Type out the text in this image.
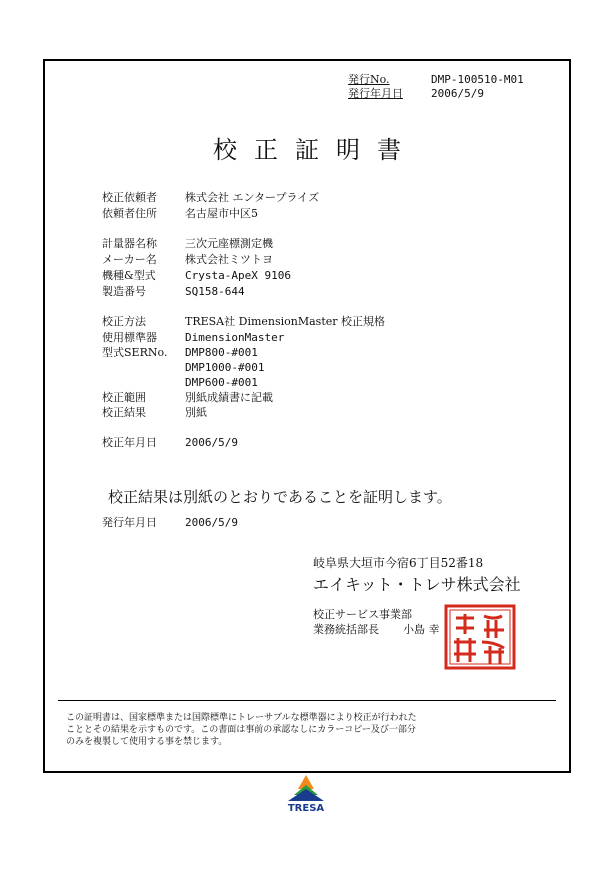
発行No.	DMP-100510-M01
発行年月日	2006/5/9
校正証明書
校正依頼者	株式会社 エンタープライズ
依頼者住所	名古屋市中区5
計量器名称	三次元座標測定機
メーカー名	株式会社ミツトヨ
機種&型式	Crysta-ApeX 9106
製造番号	SQ158-644
校正方法	TRESA社 DimensionMaster 校正規格
使用標準器	DimensionMaster
型式SERNo. DMP800-#001
DMP1000-#001
DMP600-#001
校正範囲	別紙成績書に記載
校正結果	別紙
校正年月日	2006/5/9
校正結果は別紙のとおりであることを証明します。
発行年月日	2006/5/9
岐阜県大垣市今宿6丁目52番18
エイキット・トレサ株式会社
校正サービス事業部
業務統括部長 小島 幸
この証明書は、国家標準または国際標準にトレーサブルな標準器により校正が行われた
こととその結果を示すものです。この書面は事前の承認なしにカラーコピー及び一部分
のみを複製して使用する事を禁じます。
TRESA
